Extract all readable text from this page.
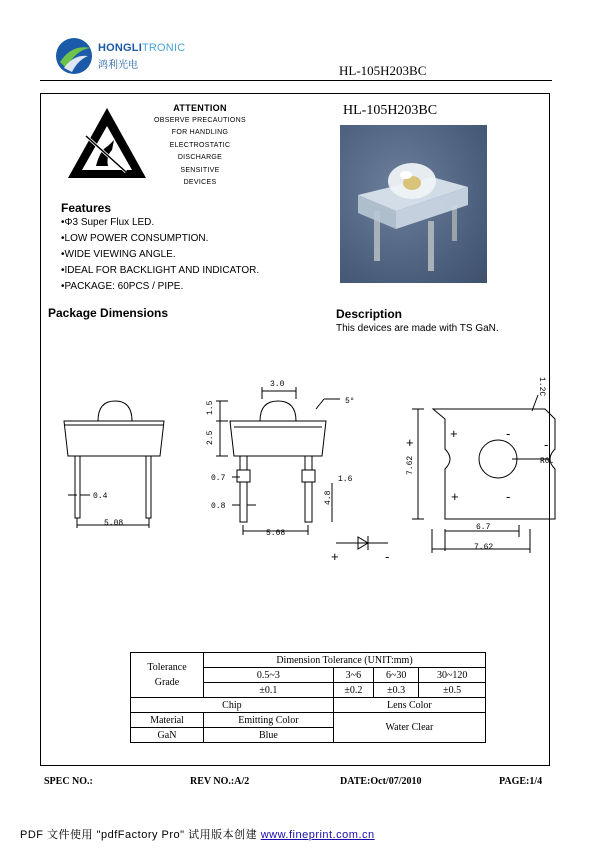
HONGLITRONIC
鸿利光电	HL-105H203BC
ATTENTION
OBSERVE PRECAUTIONS
FOR HANDLING
ELECTROSTATIC
DISCHARGE
SENSITIVE
DEVICES
HL-105H203BC
Features
•Φ3 Super Flux LED.
•LOW POWER CONSUMPTION.
•WIDE VIEWING ANGLE.
•IDEAL FOR BACKLIGHT AND INDICATOR.
•PACKAGE: 60PCS / PIPE.
Package Dimensions	Description
This devices are made with TS GaN.
0.4
5.08
3.0
5°
1.5
2.5
0.7
0.8
1.6
4.8
5.08
1.2C
R0.
7.62
6.7
7.62
+
+
+
-
-
-
+	-
Tolerance
Grade	Dimension Tolerance (UNIT:mm)			
	0.5~3	3~6	6~30	30~120
	±0.1	±0.2	±0.3	±0.5
Chip		Lens Color		
Material	Emitting Color	Water Clear		
GaN	Blue			
SPEC NO.:	REV NO.:A/2	DATE:Oct/07/2010	PAGE:1/4
PDF 文件使用 "pdfFactory Pro" 试用版本创建 www.fineprint.com.cn
